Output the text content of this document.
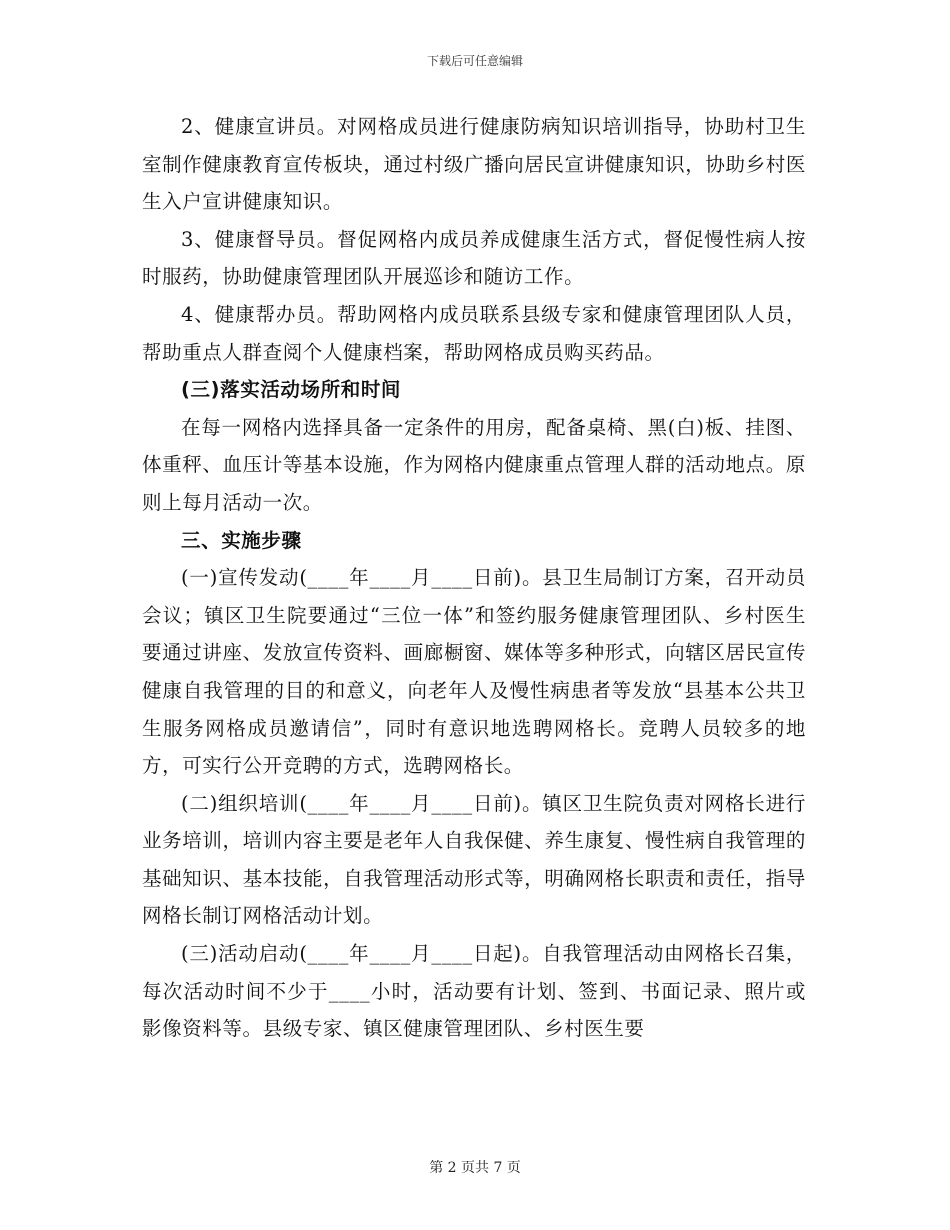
下载后可任意编辑

2、健康宣讲员。对网格成员进行健康防病知识培训指导，协助村卫生室制作健康教育宣传板块，通过村级广播向居民宣讲健康知识，协助乡村医生入户宣讲健康知识。

3、健康督导员。督促网格内成员养成健康生活方式，督促慢性病人按时服药，协助健康管理团队开展巡诊和随访工作。

4、健康帮办员。帮助网格内成员联系县级专家和健康管理团队人员，帮助重点人群查阅个人健康档案，帮助网格成员购买药品。

(三)落实活动场所和时间

在每一网格内选择具备一定条件的用房，配备桌椅、黑(白)板、挂图、体重秤、血压计等基本设施，作为网格内健康重点管理人群的活动地点。原则上每月活动一次。

三、实施步骤

(一)宣传发动(____年____月____日前)。县卫生局制订方案，召开动员会议；镇区卫生院要通过“三位一体”和签约服务健康管理团队、乡村医生要通过讲座、发放宣传资料、画廊橱窗、媒体等多种形式，向辖区居民宣传健康自我管理的目的和意义，向老年人及慢性病患者等发放“县基本公共卫生服务网格成员邀请信”，同时有意识地选聘网格长。竞聘人员较多的地方，可实行公开竞聘的方式，选聘网格长。

(二)组织培训(____年____月____日前)。镇区卫生院负责对网格长进行业务培训，培训内容主要是老年人自我保健、养生康复、慢性病自我管理的基础知识、基本技能，自我管理活动形式等，明确网格长职责和责任，指导网格长制订网格活动计划。

(三)活动启动(____年____月____日起)。自我管理活动由网格长召集，每次活动时间不少于____小时，活动要有计划、签到、书面记录、照片或影像资料等。县级专家、镇区健康管理团队、乡村医生要

第 2 页共 7 页
